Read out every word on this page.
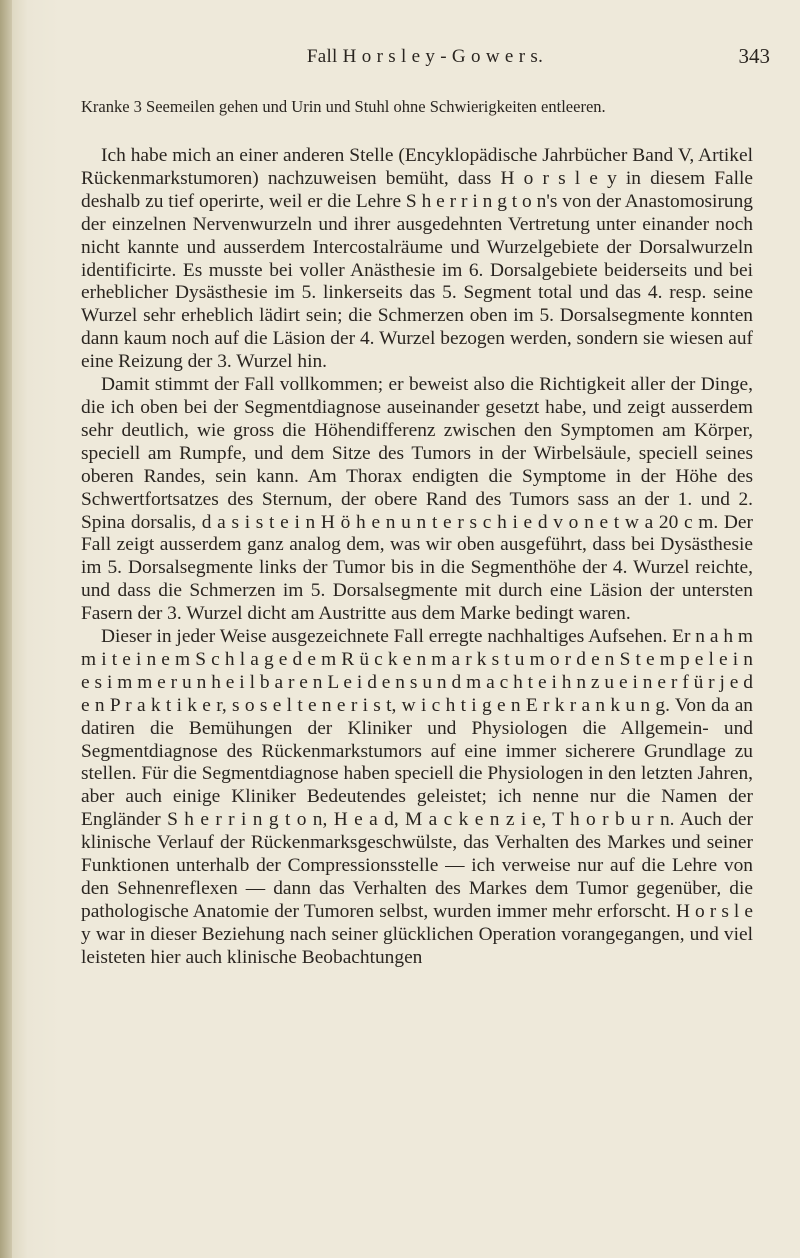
Fall H o r s l e y - G o w e r s.	343
Kranke 3 Seemeilen gehen und Urin und Stuhl ohne Schwierigkeiten entleeren.

Ich habe mich an einer anderen Stelle (Encyklopädische Jahrbücher Band V, Artikel Rückenmarkstumoren) nachzuweisen bemüht, dass H o r s l e y in diesem Falle deshalb zu tief operirte, weil er die Lehre S h e r r i n g t o n's von der Anastomosirung der einzelnen Nervenwurzeln und ihrer ausgedehnten Vertretung unter einander noch nicht kannte und ausserdem Intercostalräume und Wurzelgebiete der Dorsalwurzeln identificirte. Es musste bei voller Anästhesie im 6. Dorsalgebiete beiderseits und bei erheblicher Dysästhesie im 5. linkerseits das 5. Segment total und das 4. resp. seine Wurzel sehr erheblich lädirt sein; die Schmerzen oben im 5. Dorsalsegmente konnten dann kaum noch auf die Läsion der 4. Wurzel bezogen werden, sondern sie wiesen auf eine Reizung der 3. Wurzel hin.

Damit stimmt der Fall vollkommen; er beweist also die Richtigkeit aller der Dinge, die ich oben bei der Segmentdiagnose auseinander gesetzt habe, und zeigt ausserdem sehr deutlich, wie gross die Höhendifferenz zwischen den Symptomen am Körper, speciell am Rumpfe, und dem Sitze des Tumors in der Wirbelsäule, speciell seines oberen Randes, sein kann. Am Thorax endigten die Symptome in der Höhe des Schwertfortsatzes des Sternum, der obere Rand des Tumors sass an der 1. und 2. Spina dorsalis, d a s i s t e i n H ö h e n u n t e r s c h i e d v o n e t w a 20 c m. Der Fall zeigt ausserdem ganz analog dem, was wir oben ausgeführt, dass bei Dysästhesie im 5. Dorsalsegmente links der Tumor bis in die Segmenthöhe der 4. Wurzel reichte, und dass die Schmerzen im 5. Dorsalsegmente mit durch eine Läsion der untersten Fasern der 3. Wurzel dicht am Austritte aus dem Marke bedingt waren.

Dieser in jeder Weise ausgezeichnete Fall erregte nachhaltiges Aufsehen. Er n a h m m i t e i n e m S c h l a g e d e m R ü c k e n m a r k s t u m o r d e n S t e m p e l e i n e s i m m e r u n h e i l b a r e n L e i d e n s u n d m a c h t e i h n z u e i n e r f ü r j e d e n P r a k t i k e r, s o s e l t e n e r i s t, w i c h t i g e n E r k r a n k u n g. Von da an datiren die Bemühungen der Kliniker und Physiologen die Allgemein- und Segmentdiagnose des Rückenmarkstumors auf eine immer sicherere Grundlage zu stellen. Für die Segmentdiagnose haben speciell die Physiologen in den letzten Jahren, aber auch einige Kliniker Bedeutendes geleistet; ich nenne nur die Namen der Engländer S h e r r i n g t o n, H e a d, M a c k e n z i e, T h o r b u r n. Auch der klinische Verlauf der Rückenmarksgeschwülste, das Verhalten des Markes und seiner Funktionen unterhalb der Compressionsstelle — ich verweise nur auf die Lehre von den Sehnenreflexen — dann das Verhalten des Markes dem Tumor gegenüber, die pathologische Anatomie der Tumoren selbst, wurden immer mehr erforscht. H o r s l e y war in dieser Beziehung nach seiner glücklichen Operation vorangegangen, und viel leisteten hier auch klinische Beobachtungen
